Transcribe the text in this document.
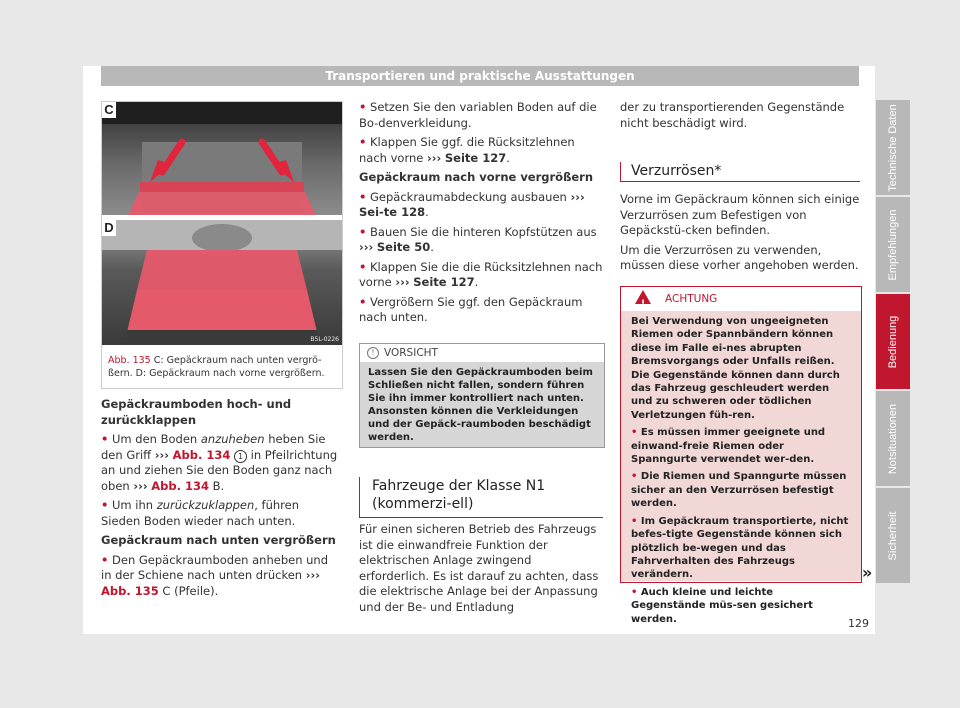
Transportieren und praktische Ausstattungen
C
D
B5L-0226
Abb. 135 C: Gepäckraum nach unten vergrö-ßern. D: Gepäckraum nach vorne vergrößern.
Gepäckraumboden hoch- und zurückklappen

• Um den Boden anzuheben heben Sie den Griff ››› Abb. 134 1 in Pfeilrichtung an und ziehen Sie den Boden ganz nach oben ››› Abb. 134 B.

• Um ihn zurückzuklappen, führen Sieden Boden wieder nach unten.

Gepäckraum nach unten vergrößern

• Den Gepäckraumboden anheben und in der Schiene nach unten drücken ››› Abb. 135 C (Pfeile).

• Setzen Sie den variablen Boden auf die Bo-denverkleidung.

• Klappen Sie ggf. die Rücksitzlehnen nach vorne ››› Seite 127.

Gepäckraum nach vorne vergrößern

• Gepäckraumabdeckung ausbauen ››› Sei-te 128.

• Bauen Sie die hinteren Kopfstützen aus ››› Seite 50.

• Klappen Sie die die Rücksitzlehnen nach vorne ››› Seite 127.

• Vergrößern Sie ggf. den Gepäckraum nach unten.

! VORSICHT
Lassen Sie den Gepäckraumboden beim Schließen nicht fallen, sondern führen Sie ihn immer kontrolliert nach unten. Ansonsten können die Verkleidungen und der Gepäck-raumboden beschädigt werden.
Fahrzeuge der Klasse N1 (kommerzi-ell)

Für einen sicheren Betrieb des Fahrzeugs ist die einwandfreie Funktion der elektrischen Anlage zwingend erforderlich. Es ist darauf zu achten, dass die elektrische Anlage bei der Anpassung und der Be- und Entladung

der zu transportierenden Gegenstände nicht beschädigt wird.

Verzurrösen*

Vorne im Gepäckraum können sich einige Verzurrösen zum Befestigen von Gepäckstü-cken befinden.

Um die Verzurrösen zu verwenden, müssen diese vorher angehoben werden.

!
ACHTUNG

Bei Verwendung von ungeeigneten Riemen oder Spannbändern können diese im Falle ei-nes abrupten Bremsvorgangs oder Unfalls reißen. Die Gegenstände können dann durch das Fahrzeug geschleudert werden und zu schweren oder tödlichen Verletzungen füh-ren.

• Es müssen immer geeignete und einwand-freie Riemen oder Spanngurte verwendet wer-den.

• Die Riemen und Spanngurte müssen sicher an den Verzurrösen befestigt werden.

• Im Gepäckraum transportierte, nicht befes-tigte Gegenstände können sich plötzlich be-wegen und das Fahrverhalten des Fahrzeugs verändern.

• Auch kleine und leichte Gegenstände müs-sen gesichert werden.

»
Technische Daten
Empfehlungen
Bedienung
Notsituationen
Sicherheit
129
